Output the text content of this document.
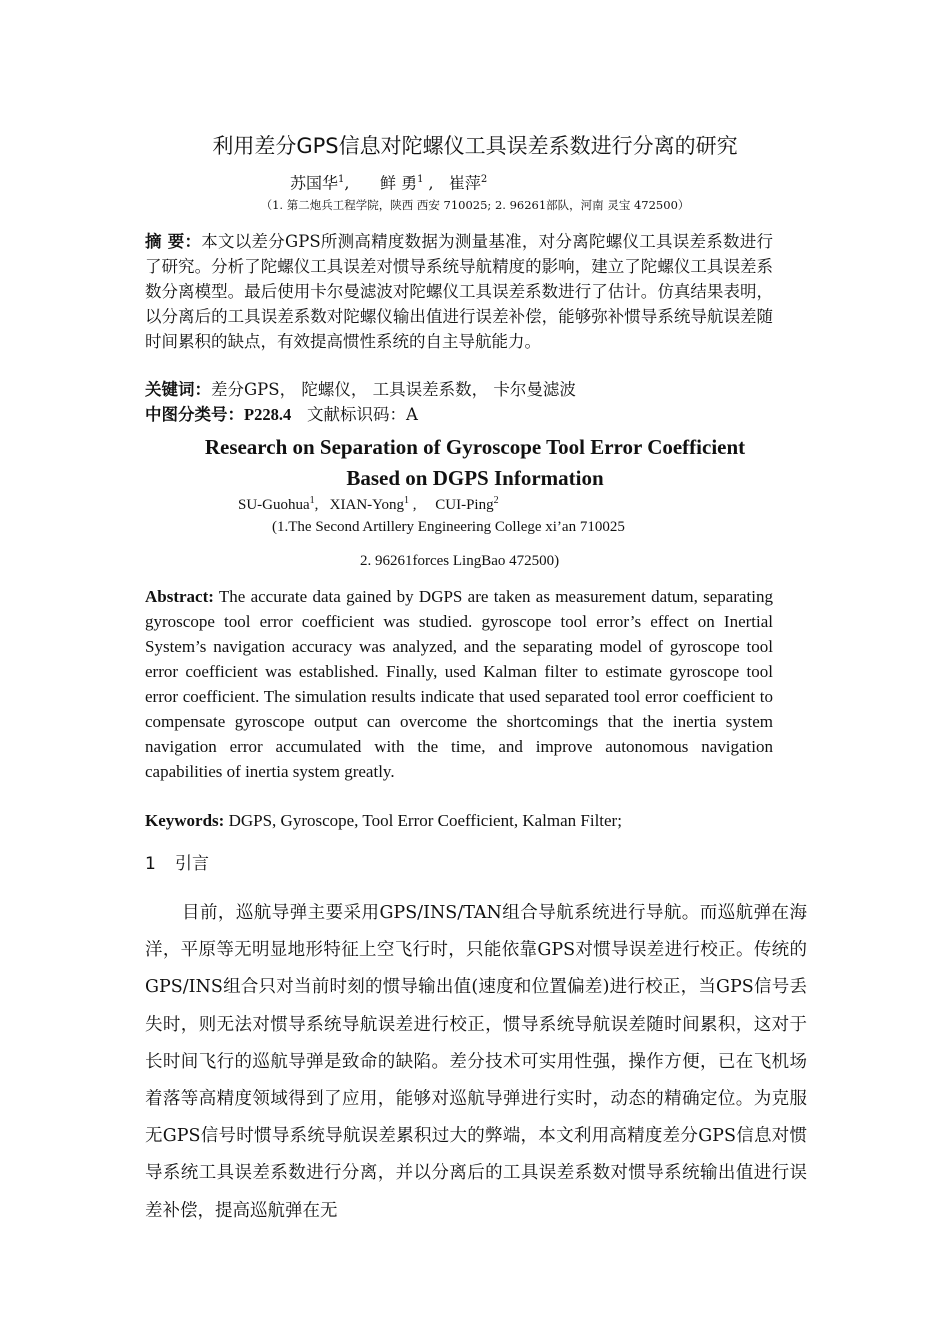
利用差分GPS信息对陀螺仪工具误差系数进行分离的研究
苏国华$^1$,      鲜 勇$^1$ ,   崔萍$^2$
（1. 第二炮兵工程学院，陕西 西安 710025; 2. 96261部队，河南 灵宝 472500）
摘 要：本文以差分GPS所测高精度数据为测量基准，对分离陀螺仪工具误差系数进行了研究。分析了陀螺仪工具误差对惯导系统导航精度的影响，建立了陀螺仪工具误差系数分离模型。最后使用卡尔曼滤波对陀螺仪工具误差系数进行了估计。仿真结果表明，以分离后的工具误差系数对陀螺仪输出值进行误差补偿，能够弥补惯导系统导航误差随时间累积的缺点，有效提高惯性系统的自主导航能力。
关键词：差分GPS， 陀螺仪， 工具误差系数， 卡尔曼滤波
中图分类号：P228.4 文献标识码：A
Research on Separation of Gyroscope Tool Error Coefficient
Based on DGPS Information
SU-Guohua$^1$,   XIAN-Yong$^1$ ,     CUI-Ping$^2$
(1.The Second Artillery Engineering College xi’an 710025
2. 96261forces LingBao 472500)
Abstract: The accurate data gained by DGPS are taken as measurement datum, separating gyroscope tool error coefficient was studied. gyroscope tool error’s effect on Inertial System’s navigation accuracy was analyzed, and the separating model of gyroscope tool error coefficient was established. Finally, used Kalman filter to estimate gyroscope tool error coefficient. The simulation results indicate that used separated tool error coefficient to compensate gyroscope output can overcome the shortcomings that the inertia system navigation error accumulated with the time, and improve autonomous navigation capabilities of inertia system greatly.
Keywords: DGPS, Gyroscope, Tool Error Coefficient, Kalman Filter;
1 引言
目前，巡航导弹主要采用GPS/INS/TAN组合导航系统进行导航。而巡航弹在海洋，平原等无明显地形特征上空飞行时，只能依靠GPS对惯导误差进行校正。传统的GPS/INS组合只对当前时刻的惯导输出值(速度和位置偏差)进行校正，当GPS信号丢失时，则无法对惯导系统导航误差进行校正，惯导系统导航误差随时间累积，这对于长时间飞行的巡航导弹是致命的缺陷。差分技术可实用性强，操作方便，已在飞机场着落等高精度领域得到了应用，能够对巡航导弹进行实时，动态的精确定位。为克服无GPS信号时惯导系统导航误差累积过大的弊端，本文利用高精度差分GPS信息对惯导系统工具误差系数进行分离，并以分离后的工具误差系数对惯导系统输出值进行误差补偿，提高巡航弹在无
